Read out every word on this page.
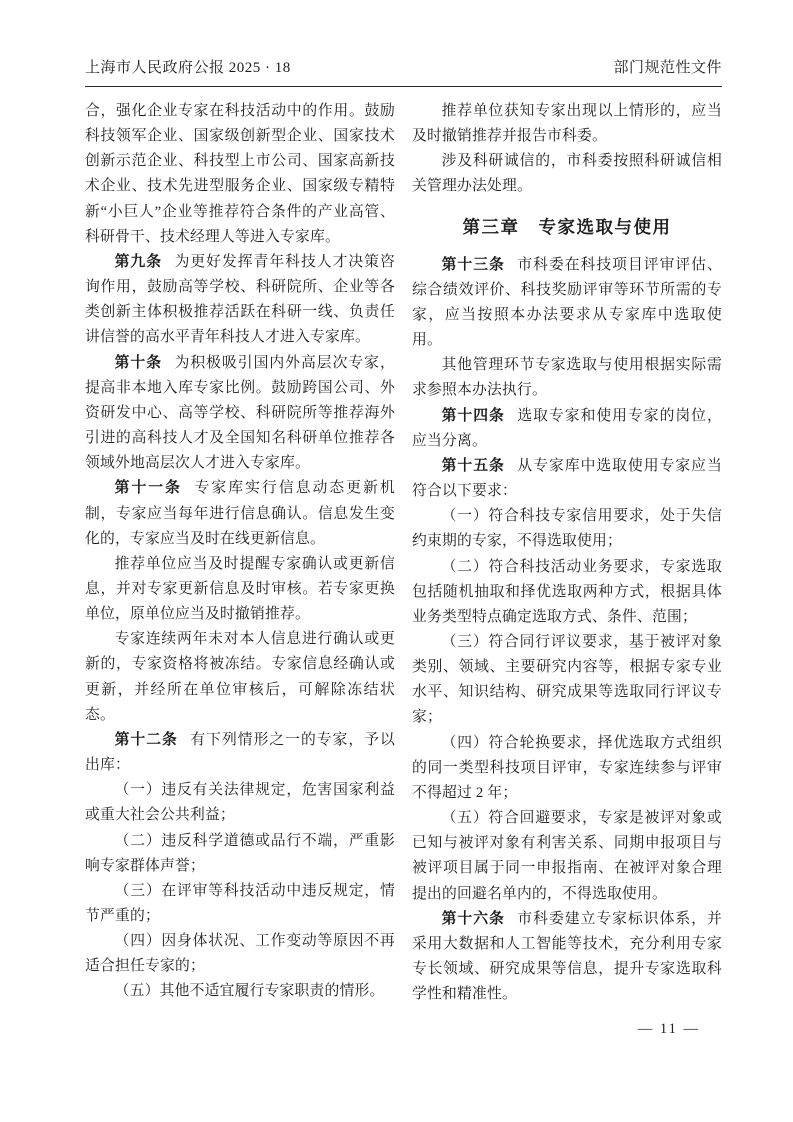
上海市人民政府公报 2025 · 18	部门规范性文件

合，强化企业专家在科技活动中的作用。鼓励科技领军企业、国家级创新型企业、国家技术创新示范企业、科技型上市公司、国家高新技术企业、技术先进型服务企业、国家级专精特新“小巨人”企业等推荐符合条件的产业高管、科研骨干、技术经理人等进入专家库。

第九条 为更好发挥青年科技人才决策咨询作用，鼓励高等学校、科研院所、企业等各类创新主体积极推荐活跃在科研一线、负责任讲信誉的高水平青年科技人才进入专家库。

第十条 为积极吸引国内外高层次专家，提高非本地入库专家比例。鼓励跨国公司、外资研发中心、高等学校、科研院所等推荐海外引进的高科技人才及全国知名科研单位推荐各领域外地高层次人才进入专家库。

第十一条 专家库实行信息动态更新机制，专家应当每年进行信息确认。信息发生变化的，专家应当及时在线更新信息。

推荐单位应当及时提醒专家确认或更新信息，并对专家更新信息及时审核。若专家更换单位，原单位应当及时撤销推荐。

专家连续两年未对本人信息进行确认或更新的，专家资格将被冻结。专家信息经确认或更新，并经所在单位审核后，可解除冻结状态。

第十二条 有下列情形之一的专家，予以出库：

（一）违反有关法律规定，危害国家利益或重大社会公共利益；

（二）违反科学道德或品行不端，严重影响专家群体声誉；

（三）在评审等科技活动中违反规定，情节严重的；

（四）因身体状况、工作变动等原因不再适合担任专家的；

（五）其他不适宜履行专家职责的情形。

推荐单位获知专家出现以上情形的，应当及时撤销推荐并报告市科委。

涉及科研诚信的，市科委按照科研诚信相关管理办法处理。

第三章　专家选取与使用

第十三条 市科委在科技项目评审评估、综合绩效评价、科技奖励评审等环节所需的专家，应当按照本办法要求从专家库中选取使用。

其他管理环节专家选取与使用根据实际需求参照本办法执行。

第十四条 选取专家和使用专家的岗位，应当分离。

第十五条 从专家库中选取使用专家应当符合以下要求：

（一）符合科技专家信用要求，处于失信约束期的专家，不得选取使用；

（二）符合科技活动业务要求，专家选取包括随机抽取和择优选取两种方式，根据具体业务类型特点确定选取方式、条件、范围；

（三）符合同行评议要求，基于被评对象类别、领域、主要研究内容等，根据专家专业水平、知识结构、研究成果等选取同行评议专家；

（四）符合轮换要求，择优选取方式组织的同一类型科技项目评审，专家连续参与评审不得超过 2 年；

（五）符合回避要求，专家是被评对象或已知与被评对象有利害关系、同期申报项目与被评项目属于同一申报指南、在被评对象合理提出的回避名单内的，不得选取使用。

第十六条 市科委建立专家标识体系，并采用大数据和人工智能等技术，充分利用专家专长领域、研究成果等信息，提升专家选取科学性和精准性。

— 11 —
